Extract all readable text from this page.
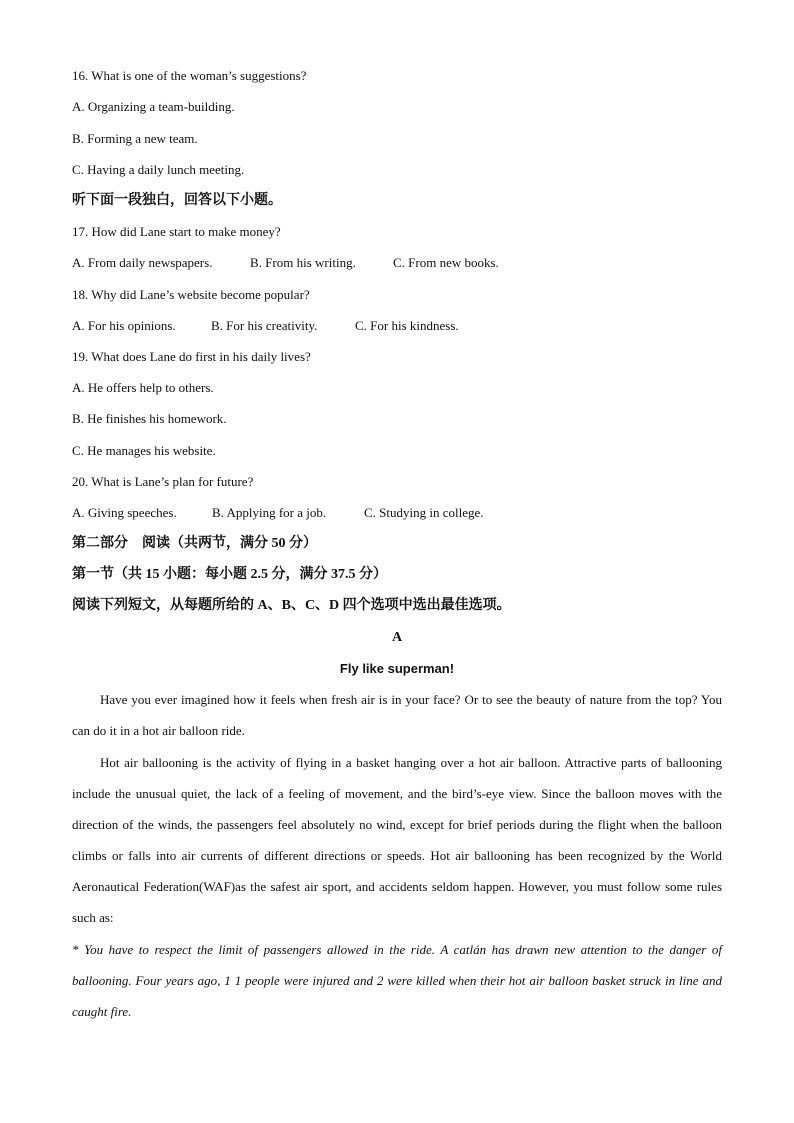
16. What is one of the woman’s suggestions?
A. Organizing a team-building.
B. Forming a new team.
C. Having a daily lunch meeting.
听下面一段独白，回答以下小题。
17. How did Lane start to make money?
A. From daily newspapers.	B. From his writing.	C. From new books.
18. Why did Lane’s website become popular?
A. For his opinions.	B. For his creativity.	C. For his kindness.
19. What does Lane do first in his daily lives?
A. He offers help to others.
B. He finishes his homework.
C. He manages his website.
20. What is Lane’s plan for future?
A. Giving speeches.	B. Applying for a job.	C. Studying in college.
第二部分　阅读（共两节，满分 50 分）
第一节（共 15 小题：每小题 2.5 分，满分 37.5 分）
阅读下列短文，从每题所给的 A、B、C、D 四个选项中选出最佳选项。
A
Fly like superman!
Have you ever imagined how it feels when fresh air is in your face? Or to see the beauty of nature from the top? You can do it in a hot air balloon ride.
Hot air ballooning is the activity of flying in a basket hanging over a hot air balloon. Attractive parts of ballooning include the unusual quiet, the lack of a feeling of movement, and the bird’s-eye view. Since the balloon moves with the direction of the winds, the passengers feel absolutely no wind, except for brief periods during the flight when the balloon climbs or falls into air currents of different directions or speeds. Hot air ballooning has been recognized by the World Aeronautical Federation(WAF)as the safest air sport, and accidents seldom happen. However, you must follow some rules such as:
* You have to respect the limit of passengers allowed in the ride. A catlán has drawn new attention to the danger of ballooning. Four years ago, 1 1 people were injured and 2 were killed when their hot air balloon basket struck in line and caught fire.
